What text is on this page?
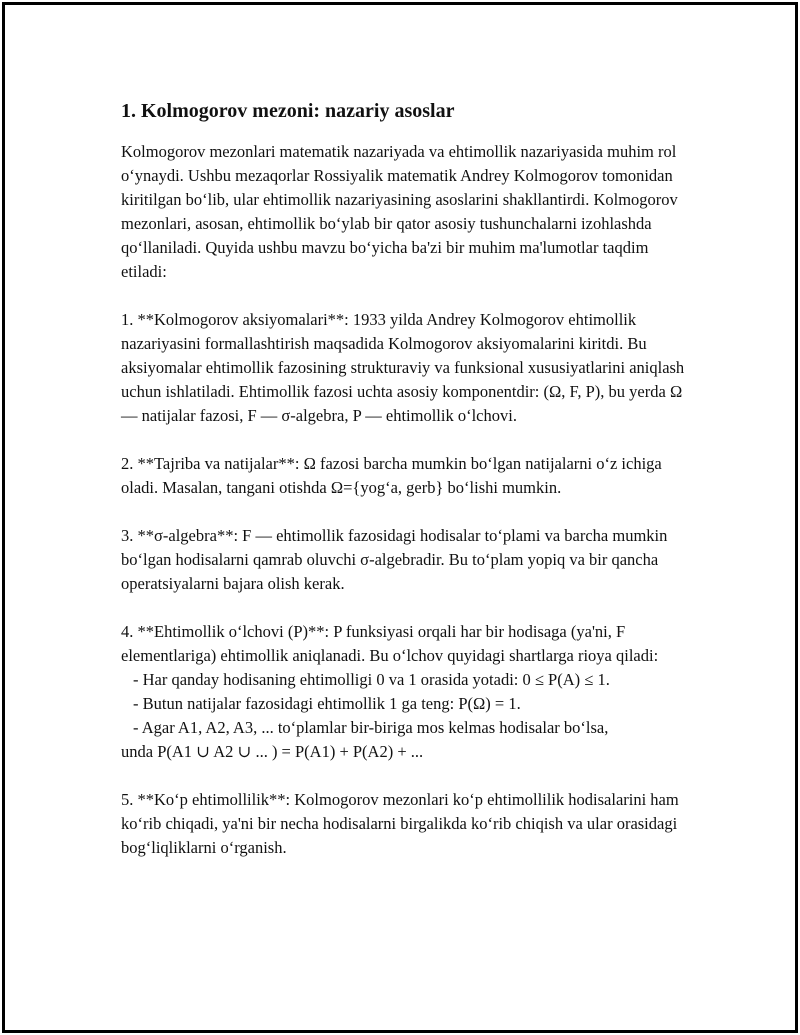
1. Kolmogorov mezoni: nazariy asoslar

Kolmogorov mezonlari matematik nazariyada va ehtimollik nazariyasida muhim rol oʻynaydi. Ushbu mezaqorlar Rossiyalik matematik Andrey Kolmogorov tomonidan kiritilgan boʻlib, ular ehtimollik nazariyasining asoslarini shakllantirdi. Kolmogorov mezonlari, asosan, ehtimollik boʻylab bir qator asosiy tushunchalarni izohlashda qoʻllaniladi. Quyida ushbu mavzu boʻyicha ba'zi bir muhim ma'lumotlar taqdim etiladi:

1. **Kolmogorov aksiyomalari**: 1933 yilda Andrey Kolmogorov ehtimollik nazariyasini formallashtirish maqsadida Kolmogorov aksiyomalarini kiritdi. Bu aksiyomalar ehtimollik fazosining strukturaviy va funksional xususiyatlarini aniqlash uchun ishlatiladi. Ehtimollik fazosi uchta asosiy komponentdir: (Ω, F, P), bu yerda Ω — natijalar fazosi, F — σ-algebra, P — ehtimollik oʻlchovi.

2. **Tajriba va natijalar**: Ω fazosi barcha mumkin boʻlgan natijalarni oʻz ichiga oladi. Masalan, tangani otishda Ω={yogʻa, gerb} boʻlishi mumkin.

3. **σ-algebra**: F — ehtimollik fazosidagi hodisalar toʻplami va barcha mumkin boʻlgan hodisalarni qamrab oluvchi σ-algebradir. Bu toʻplam yopiq va bir qancha operatsiyalarni bajara olish kerak.

4. **Ehtimollik oʻlchovi (P)**: P funksiyasi orqali har bir hodisaga (ya'ni, F elementlariga) ehtimollik aniqlanadi. Bu oʻlchov quyidagi shartlarga rioya qiladi:
- Har qanday hodisaning ehtimolligi 0 va 1 orasida yotadi: 0 ≤ P(A) ≤ 1.
- Butun natijalar fazosidagi ehtimollik 1 ga teng: P(Ω) = 1.
- Agar A1, A2, A3, ... toʻplamlar bir-biriga mos kelmas hodisalar boʻlsa,
unda P(A1 ∪ A2 ∪ ... ) = P(A1) + P(A2) + ...

5. **Koʻp ehtimollilik**: Kolmogorov mezonlari koʻp ehtimollilik hodisalarini ham koʻrib chiqadi, ya'ni bir necha hodisalarni birgalikda koʻrib chiqish va ular orasidagi bogʻliqliklarni oʻrganish.
